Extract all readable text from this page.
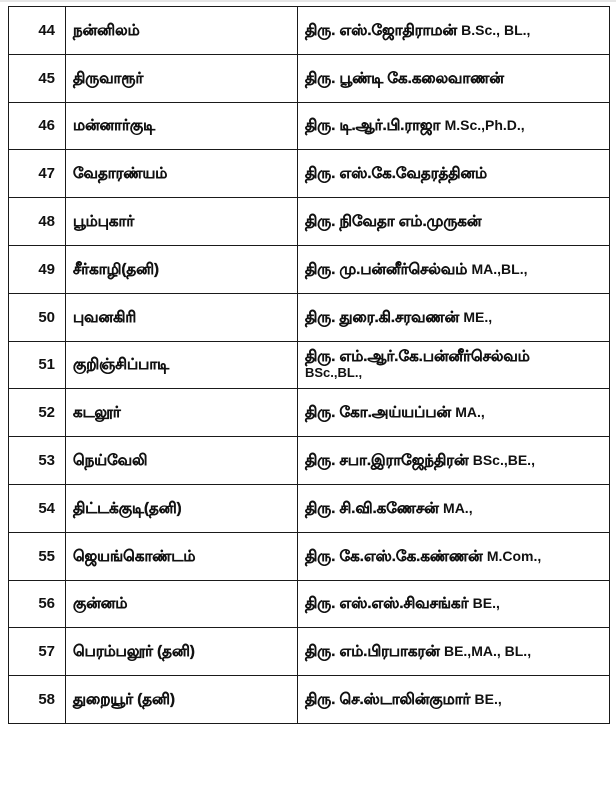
44	நன்னிலம்	திரு. எஸ்.ஜோதிராமன் B.Sc., BL.,
45	திருவாரூர்	திரு. பூண்டி கே.கலைவாணன்
46	மன்னார்குடி	திரு. டி.ஆர்.பி.ராஜா M.Sc.,Ph.D.,
47	வேதாரண்யம்	திரு. எஸ்.கே.வேதரத்தினம்
48	பூம்புகார்	திரு. நிவேதா எம்.முருகன்
49	சீர்காழி(தனி)	திரு. மு.பன்னீர்செல்வம் MA.,BL.,
50	புவனகிரி	திரு. துரை.கி.சரவணன் ME.,
51	குறிஞ்சிப்பாடி	திரு. எம்.ஆர்.கே.பன்னீர்செல்வம்
BSc.,BL.,

52	கடலூர்	திரு. கோ.அய்யப்பன் MA.,
53	நெய்வேலி	திரு. சபா.இராஜேந்திரன் BSc.,BE.,
54	திட்டக்குடி(தனி)	திரு. சி.வி.கணேசன் MA.,
55	ஜெயங்கொண்டம்	திரு. கே.எஸ்.கே.கண்ணன் M.Com.,
56	குன்னம்	திரு. எஸ்.எஸ்.சிவசங்கர் BE.,
57	பெரம்பலூர் (தனி)	திரு. எம்.பிரபாகரன் BE.,MA., BL.,
58	துறையூர் (தனி)	திரு. செ.ஸ்டாலின்குமார் BE.,
